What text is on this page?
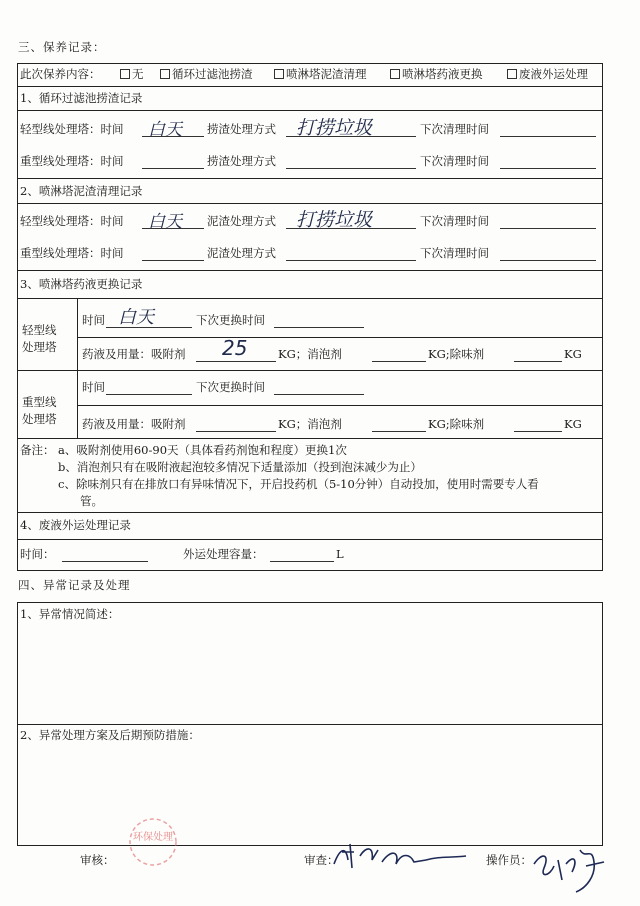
三、保养记录：
此次保养内容：	无	循环过滤池捞渣	喷淋塔泥渣清理	喷淋塔药液更换	废液外运处理
1、循环过滤池捞渣记录
轻型线处理塔：时间 白天 捞渣处理方式 打捞垃圾	下次清理时间
重型线处理塔：时间	捞渣处理方式	下次清理时间
2、喷淋塔泥渣清理记录
轻型线处理塔：时间 白天 泥渣处理方式 打捞垃圾	下次清理时间
重型线处理塔：时间	泥渣处理方式	下次清理时间
3、喷淋塔药液更换记录
轻型线
处理塔
时间 白天	下次更换时间
药液及用量：吸附剂 25	KG；消泡剂	KG;除味剂	KG
重型线
处理塔
时间	下次更换时间
药液及用量：吸附剂	KG；消泡剂	KG;除味剂	KG
备注： a、吸附剂使用60-90天（具体看药剂饱和程度）更换1次
b、消泡剂只有在吸附液起泡较多情况下适量添加（投到泡沫减少为止）
c、除味剂只有在排放口有异味情况下，开启投药机（5-10分钟）自动投加，使用时需要专人看
管。
4、废液外运处理记录
时间：	外运处理容量：	L
四、异常记录及处理
1、异常情况简述：
2、异常处理方案及后期预防措施：
审核：	审查：	操作员：
环保处理
